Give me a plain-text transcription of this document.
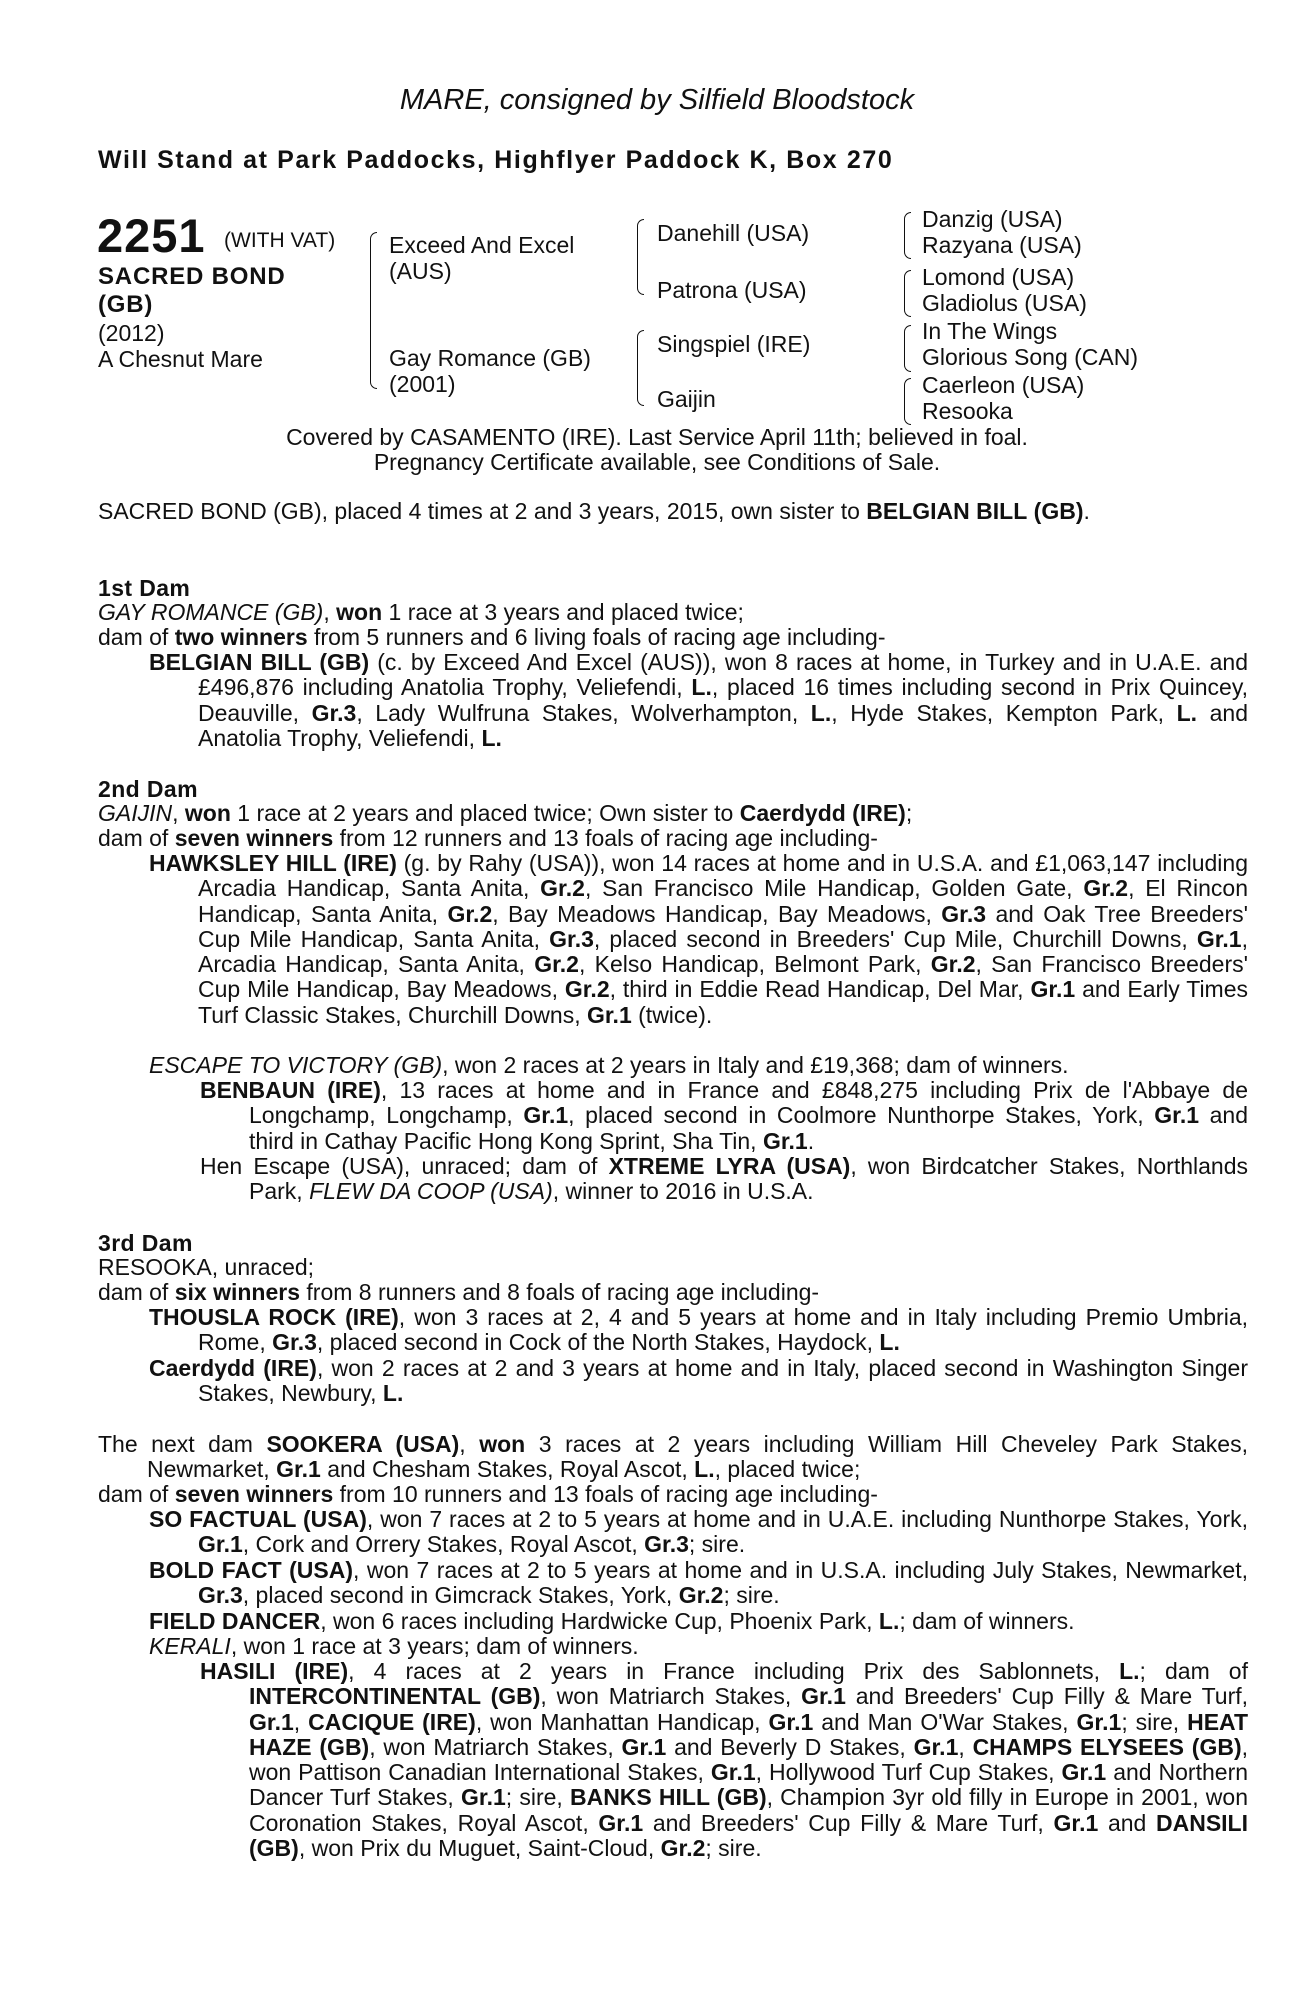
MARE, consigned by Silfield Bloodstock
Will Stand at Park Paddocks, Highflyer Paddock K, Box 270
2251 (WITH VAT)
SACRED BOND
(GB)
(2012)
A Chesnut Mare
Exceed And Excel
(AUS)
Gay Romance (GB)
(2001)
Danehill (USA)
Patrona (USA)
Singspiel (IRE)
Gaijin
Danzig (USA)
Razyana (USA)
Lomond (USA)
Gladiolus (USA)
In The Wings
Glorious Song (CAN)
Caerleon (USA)
Resooka
Covered by CASAMENTO (IRE). Last Service April 11th; believed in foal.
Pregnancy Certificate available, see Conditions of Sale.
SACRED BOND (GB), placed 4 times at 2 and 3 years, 2015, own sister to BELGIAN BILL (GB).
1st Dam
GAY ROMANCE (GB), won 1 race at 3 years and placed twice;
dam of two winners from 5 runners and 6 living foals of racing age including-
BELGIAN BILL (GB) (c. by Exceed And Excel (AUS)), won 8 races at home, in Turkey and in U.A.E. and £496,876 including Anatolia Trophy, Veliefendi, L., placed 16 times including second in Prix Quincey, Deauville, Gr.3, Lady Wulfruna Stakes, Wolverhampton, L., Hyde Stakes, Kempton Park, L. and Anatolia Trophy, Veliefendi, L.
2nd Dam
GAIJIN, won 1 race at 2 years and placed twice; Own sister to Caerdydd (IRE);
dam of seven winners from 12 runners and 13 foals of racing age including-
HAWKSLEY HILL (IRE) (g. by Rahy (USA)), won 14 races at home and in U.S.A. and £1,063,147 including Arcadia Handicap, Santa Anita, Gr.2, San Francisco Mile Handicap, Golden Gate, Gr.2, El Rincon Handicap, Santa Anita, Gr.2, Bay Meadows Handicap, Bay Meadows, Gr.3 and Oak Tree Breeders' Cup Mile Handicap, Santa Anita, Gr.3, placed second in Breeders' Cup Mile, Churchill Downs, Gr.1, Arcadia Handicap, Santa Anita, Gr.2, Kelso Handicap, Belmont Park, Gr.2, San Francisco Breeders' Cup Mile Handicap, Bay Meadows, Gr.2, third in Eddie Read Handicap, Del Mar, Gr.1 and Early Times Turf Classic Stakes, Churchill Downs, Gr.1 (twice).
ESCAPE TO VICTORY (GB), won 2 races at 2 years in Italy and £19,368; dam of winners.
BENBAUN (IRE), 13 races at home and in France and £848,275 including Prix de l'Abbaye de Longchamp, Longchamp, Gr.1, placed second in Coolmore Nunthorpe Stakes, York, Gr.1 and third in Cathay Pacific Hong Kong Sprint, Sha Tin, Gr.1.
Hen Escape (USA), unraced; dam of XTREME LYRA (USA), won Birdcatcher Stakes, Northlands Park, FLEW DA COOP (USA), winner to 2016 in U.S.A.
3rd Dam
RESOOKA, unraced;
dam of six winners from 8 runners and 8 foals of racing age including-
THOUSLA ROCK (IRE), won 3 races at 2, 4 and 5 years at home and in Italy including Premio Umbria, Rome, Gr.3, placed second in Cock of the North Stakes, Haydock, L.
Caerdydd (IRE), won 2 races at 2 and 3 years at home and in Italy, placed second in Washington Singer Stakes, Newbury, L.
The next dam SOOKERA (USA), won 3 races at 2 years including William Hill Cheveley Park Stakes, Newmarket, Gr.1 and Chesham Stakes, Royal Ascot, L., placed twice;
dam of seven winners from 10 runners and 13 foals of racing age including-
SO FACTUAL (USA), won 7 races at 2 to 5 years at home and in U.A.E. including Nunthorpe Stakes, York, Gr.1, Cork and Orrery Stakes, Royal Ascot, Gr.3; sire.
BOLD FACT (USA), won 7 races at 2 to 5 years at home and in U.S.A. including July Stakes, Newmarket, Gr.3, placed second in Gimcrack Stakes, York, Gr.2; sire.
FIELD DANCER, won 6 races including Hardwicke Cup, Phoenix Park, L.; dam of winners.
KERALI, won 1 race at 3 years; dam of winners.
HASILI (IRE), 4 races at 2 years in France including Prix des Sablonnets, L.; dam of INTERCONTINENTAL (GB), won Matriarch Stakes, Gr.1 and Breeders' Cup Filly & Mare Turf, Gr.1, CACIQUE (IRE), won Manhattan Handicap, Gr.1 and Man O'War Stakes, Gr.1; sire, HEAT HAZE (GB), won Matriarch Stakes, Gr.1 and Beverly D Stakes, Gr.1, CHAMPS ELYSEES (GB), won Pattison Canadian International Stakes, Gr.1, Hollywood Turf Cup Stakes, Gr.1 and Northern Dancer Turf Stakes, Gr.1; sire, BANKS HILL (GB), Champion 3yr old filly in Europe in 2001, won Coronation Stakes, Royal Ascot, Gr.1 and Breeders' Cup Filly & Mare Turf, Gr.1 and DANSILI (GB), won Prix du Muguet, Saint-Cloud, Gr.2; sire.
